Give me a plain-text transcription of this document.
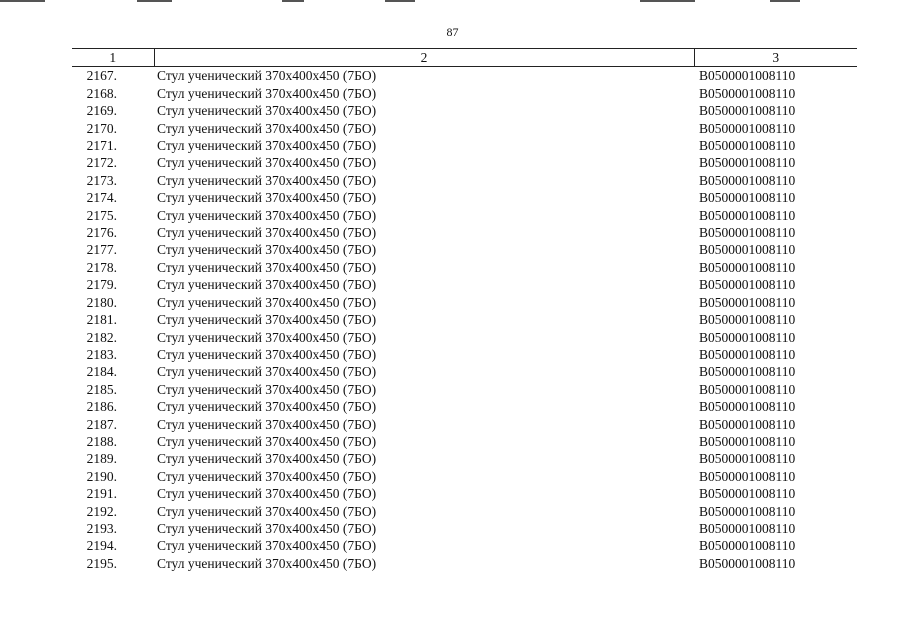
87
1	2	3
2167.	Стул ученический 370х400х450 (7БО)	B0500001008110
2168.	Стул ученический 370х400х450 (7БО)	B0500001008110
2169.	Стул ученический 370х400х450 (7БО)	B0500001008110
2170.	Стул ученический 370х400х450 (7БО)	B0500001008110
2171.	Стул ученический 370х400х450 (7БО)	B0500001008110
2172.	Стул ученический 370х400х450 (7БО)	B0500001008110
2173.	Стул ученический 370х400х450 (7БО)	B0500001008110
2174.	Стул ученический 370х400х450 (7БО)	B0500001008110
2175.	Стул ученический 370х400х450 (7БО)	B0500001008110
2176.	Стул ученический 370х400х450 (7БО)	B0500001008110
2177.	Стул ученический 370х400х450 (7БО)	B0500001008110
2178.	Стул ученический 370х400х450 (7БО)	B0500001008110
2179.	Стул ученический 370х400х450 (7БО)	B0500001008110
2180.	Стул ученический 370х400х450 (7БО)	B0500001008110
2181.	Стул ученический 370х400х450 (7БО)	B0500001008110
2182.	Стул ученический 370х400х450 (7БО)	B0500001008110
2183.	Стул ученический 370х400х450 (7БО)	B0500001008110
2184.	Стул ученический 370х400х450 (7БО)	B0500001008110
2185.	Стул ученический 370х400х450 (7БО)	B0500001008110
2186.	Стул ученический 370х400х450 (7БО)	B0500001008110
2187.	Стул ученический 370х400х450 (7БО)	B0500001008110
2188.	Стул ученический 370х400х450 (7БО)	B0500001008110
2189.	Стул ученический 370х400х450 (7БО)	B0500001008110
2190.	Стул ученический 370х400х450 (7БО)	B0500001008110
2191.	Стул ученический 370х400х450 (7БО)	B0500001008110
2192.	Стул ученический 370х400х450 (7БО)	B0500001008110
2193.	Стул ученический 370х400х450 (7БО)	B0500001008110
2194.	Стул ученический 370х400х450 (7БО)	B0500001008110
2195.	Стул ученический 370х400х450 (7БО)	B0500001008110
